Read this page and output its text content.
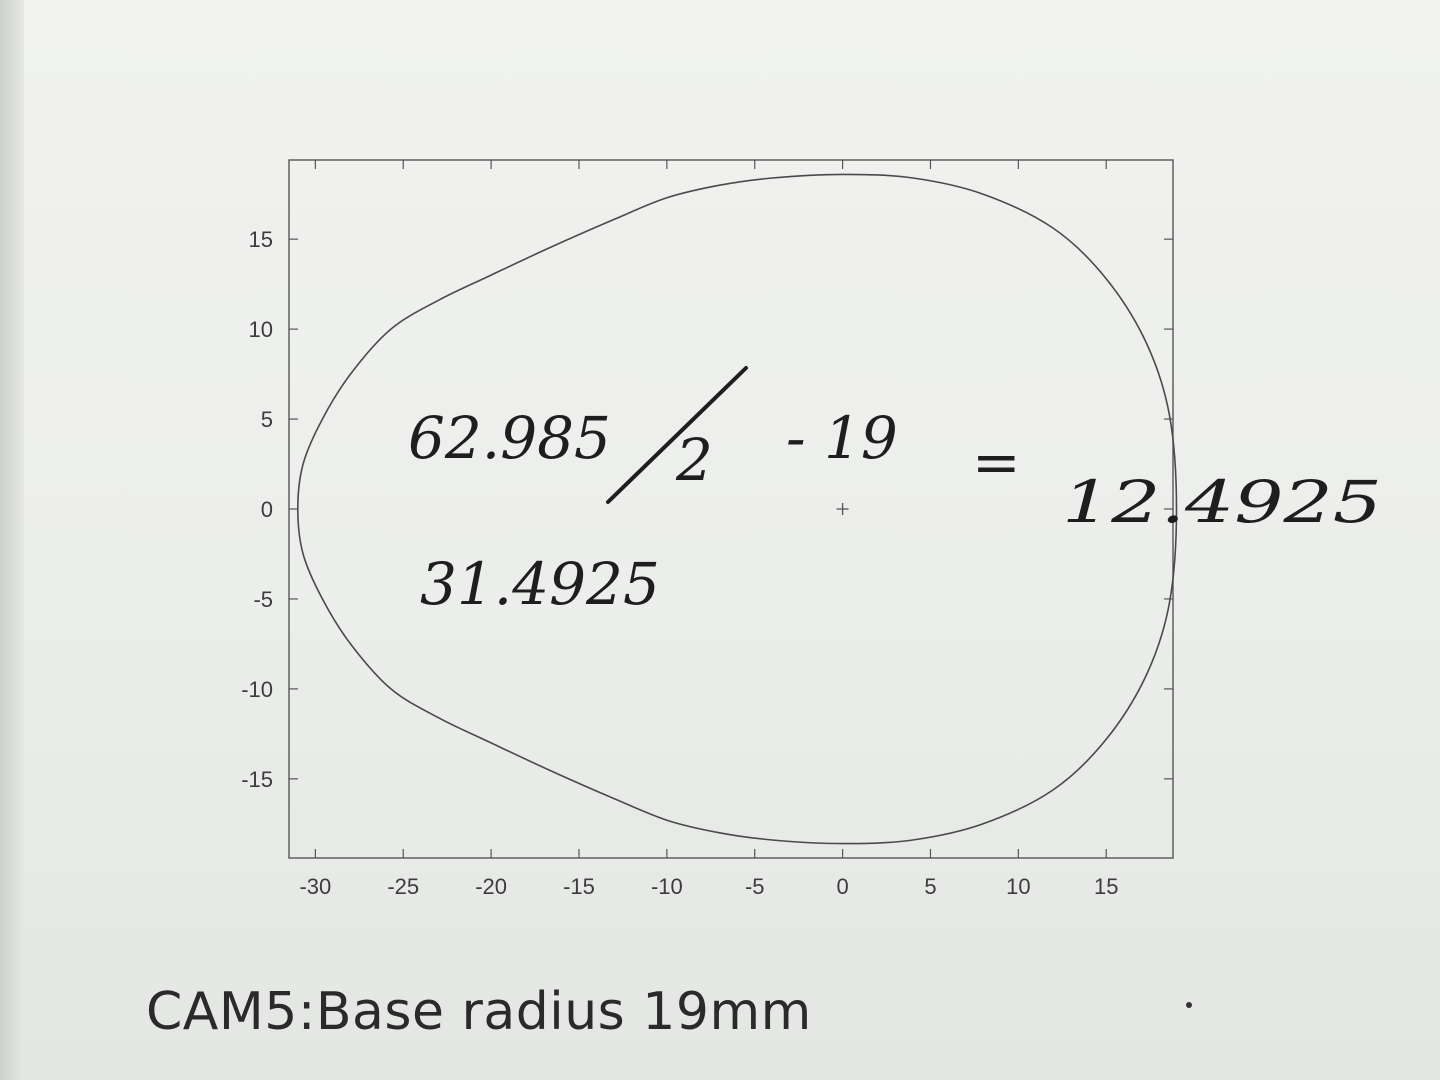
-30	-25	-20	-15	-10	-5	0	5	10	15
15
10
5
0
-5
-10
-15
62.985 2 - 19 =
12.4925
31.4925
CAM5:Base radius 19mm
